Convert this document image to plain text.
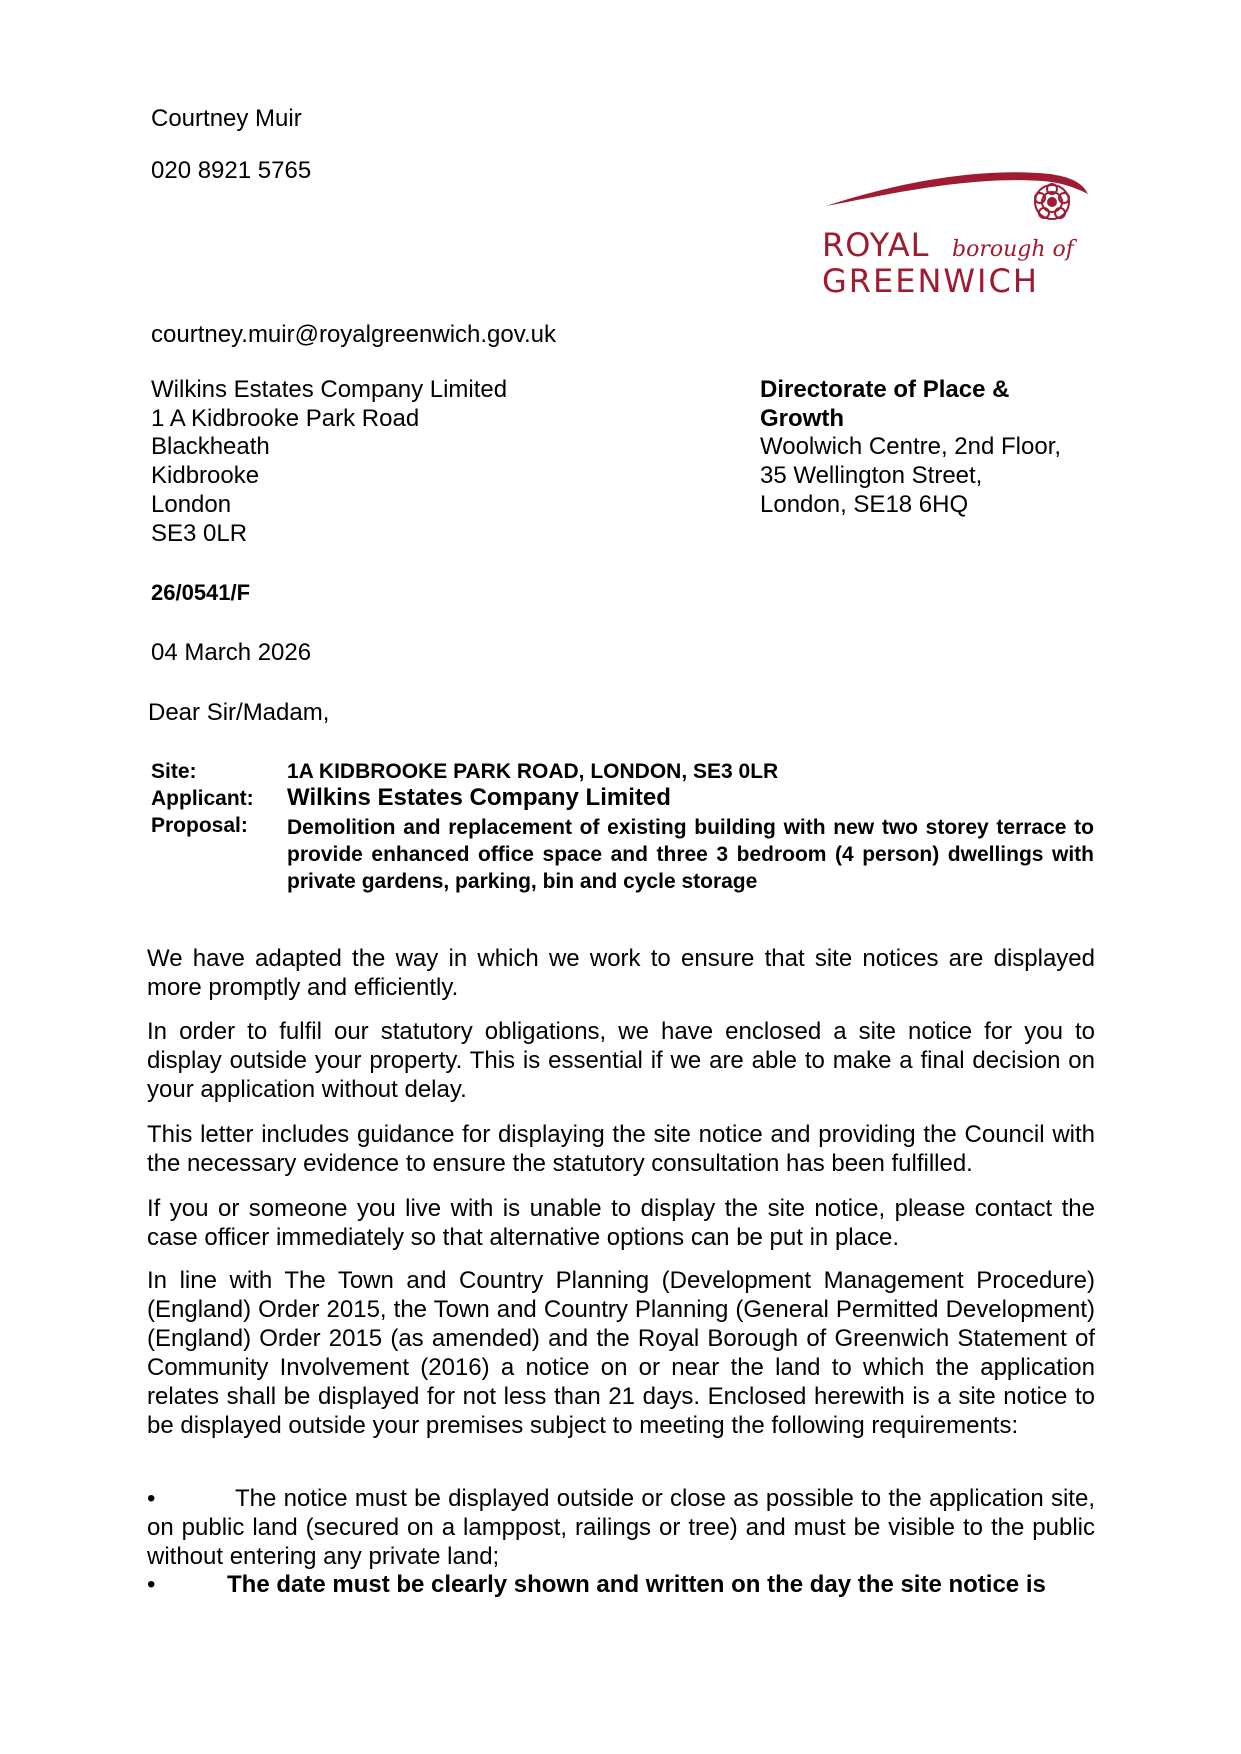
Courtney Muir
020 8921 5765
ROYAL borough of
GREENWICH
courtney.muir@royalgreenwich.gov.uk
Wilkins Estates Company Limited
1 A Kidbrooke Park Road
Blackheath
Kidbrooke
London
SE3 0LR
Directorate of Place &
Growth
Woolwich Centre, 2nd Floor,
35 Wellington Street,
London, SE18 6HQ
26/0541/F
04 March 2026
Dear Sir/Madam,
Site:	1A KIDBROOKE PARK ROAD, LONDON, SE3 0LR
Applicant: Wilkins Estates Company Limited
Proposal: Demolition and replacement of existing building with new two storey terrace to provide enhanced office space and three 3 bedroom (4 person) dwellings with private gardens, parking, bin and cycle storage
We have adapted the way in which we work to ensure that site notices are displayed more promptly and efficiently.
In order to fulfil our statutory obligations, we have enclosed a site notice for you to display outside your property. This is essential if we are able to make a final decision on your application without delay.
This letter includes guidance for displaying the site notice and providing the Council with the necessary evidence to ensure the statutory consultation has been fulfilled.
If you or someone you live with is unable to display the site notice, please contact the case officer immediately so that alternative options can be put in place.
In line with The Town and Country Planning (Development Management Procedure) (England) Order 2015, the Town and Country Planning (General Permitted Development) (England) Order 2015 (as amended) and the Royal Borough of Greenwich Statement of Community Involvement (2016) a notice on or near the land to which the application relates shall be displayed for not less than 21 days. Enclosed herewith is a site notice to be displayed outside your premises subject to meeting the following requirements:
•	The notice must be displayed outside or close as possible to the application site, on public land (secured on a lamppost, railings or tree) and must be visible to the public without entering any private land;
•	The date must be clearly shown and written on the day the site notice is
